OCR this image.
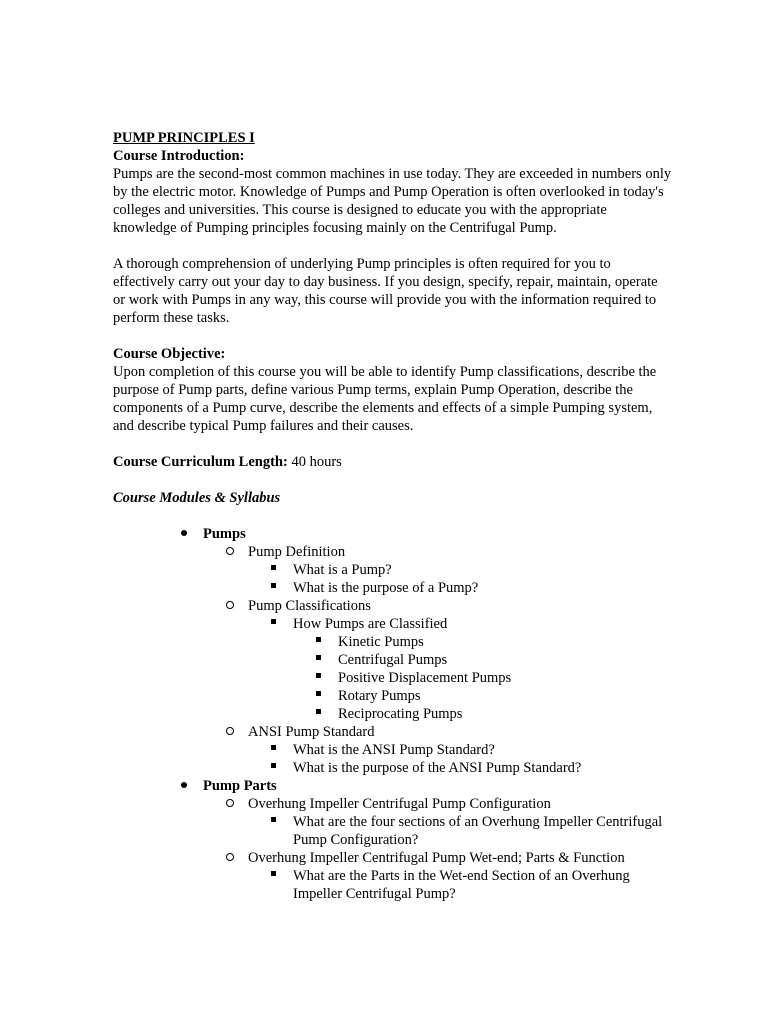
PUMP PRINCIPLES I
Course Introduction:

Pumps are the second-most common machines in use today. They are exceeded in numbers only by the electric motor. Knowledge of Pumps and Pump Operation is often overlooked in today's colleges and universities. This course is designed to educate you with the appropriate knowledge of Pumping principles focusing mainly on the Centrifugal Pump.

A thorough comprehension of underlying Pump principles is often required for you to effectively carry out your day to day business. If you design, specify, repair, maintain, operate or work with Pumps in any way, this course will provide you with the information required to perform these tasks.

Course Objective:

Upon completion of this course you will be able to identify Pump classifications, describe the purpose of Pump parts, define various Pump terms, explain Pump Operation, describe the components of a Pump curve, describe the elements and effects of a simple Pumping system, and describe typical Pump failures and their causes.

Course Curriculum Length: 40 hours

Course Modules & Syllabus
Pumps
Pump Definition
What is a Pump?
What is the purpose of a Pump?
Pump Classifications
How Pumps are Classified
Kinetic Pumps
Centrifugal Pumps
Positive Displacement Pumps
Rotary Pumps
Reciprocating Pumps
ANSI Pump Standard
What is the ANSI Pump Standard?
What is the purpose of the ANSI Pump Standard?
Pump Parts
Overhung Impeller Centrifugal Pump Configuration
What are the four sections of an Overhung Impeller Centrifugal Pump Configuration?
Overhung Impeller Centrifugal Pump Wet-end; Parts & Function
What are the Parts in the Wet-end Section of an Overhung Impeller Centrifugal Pump?
